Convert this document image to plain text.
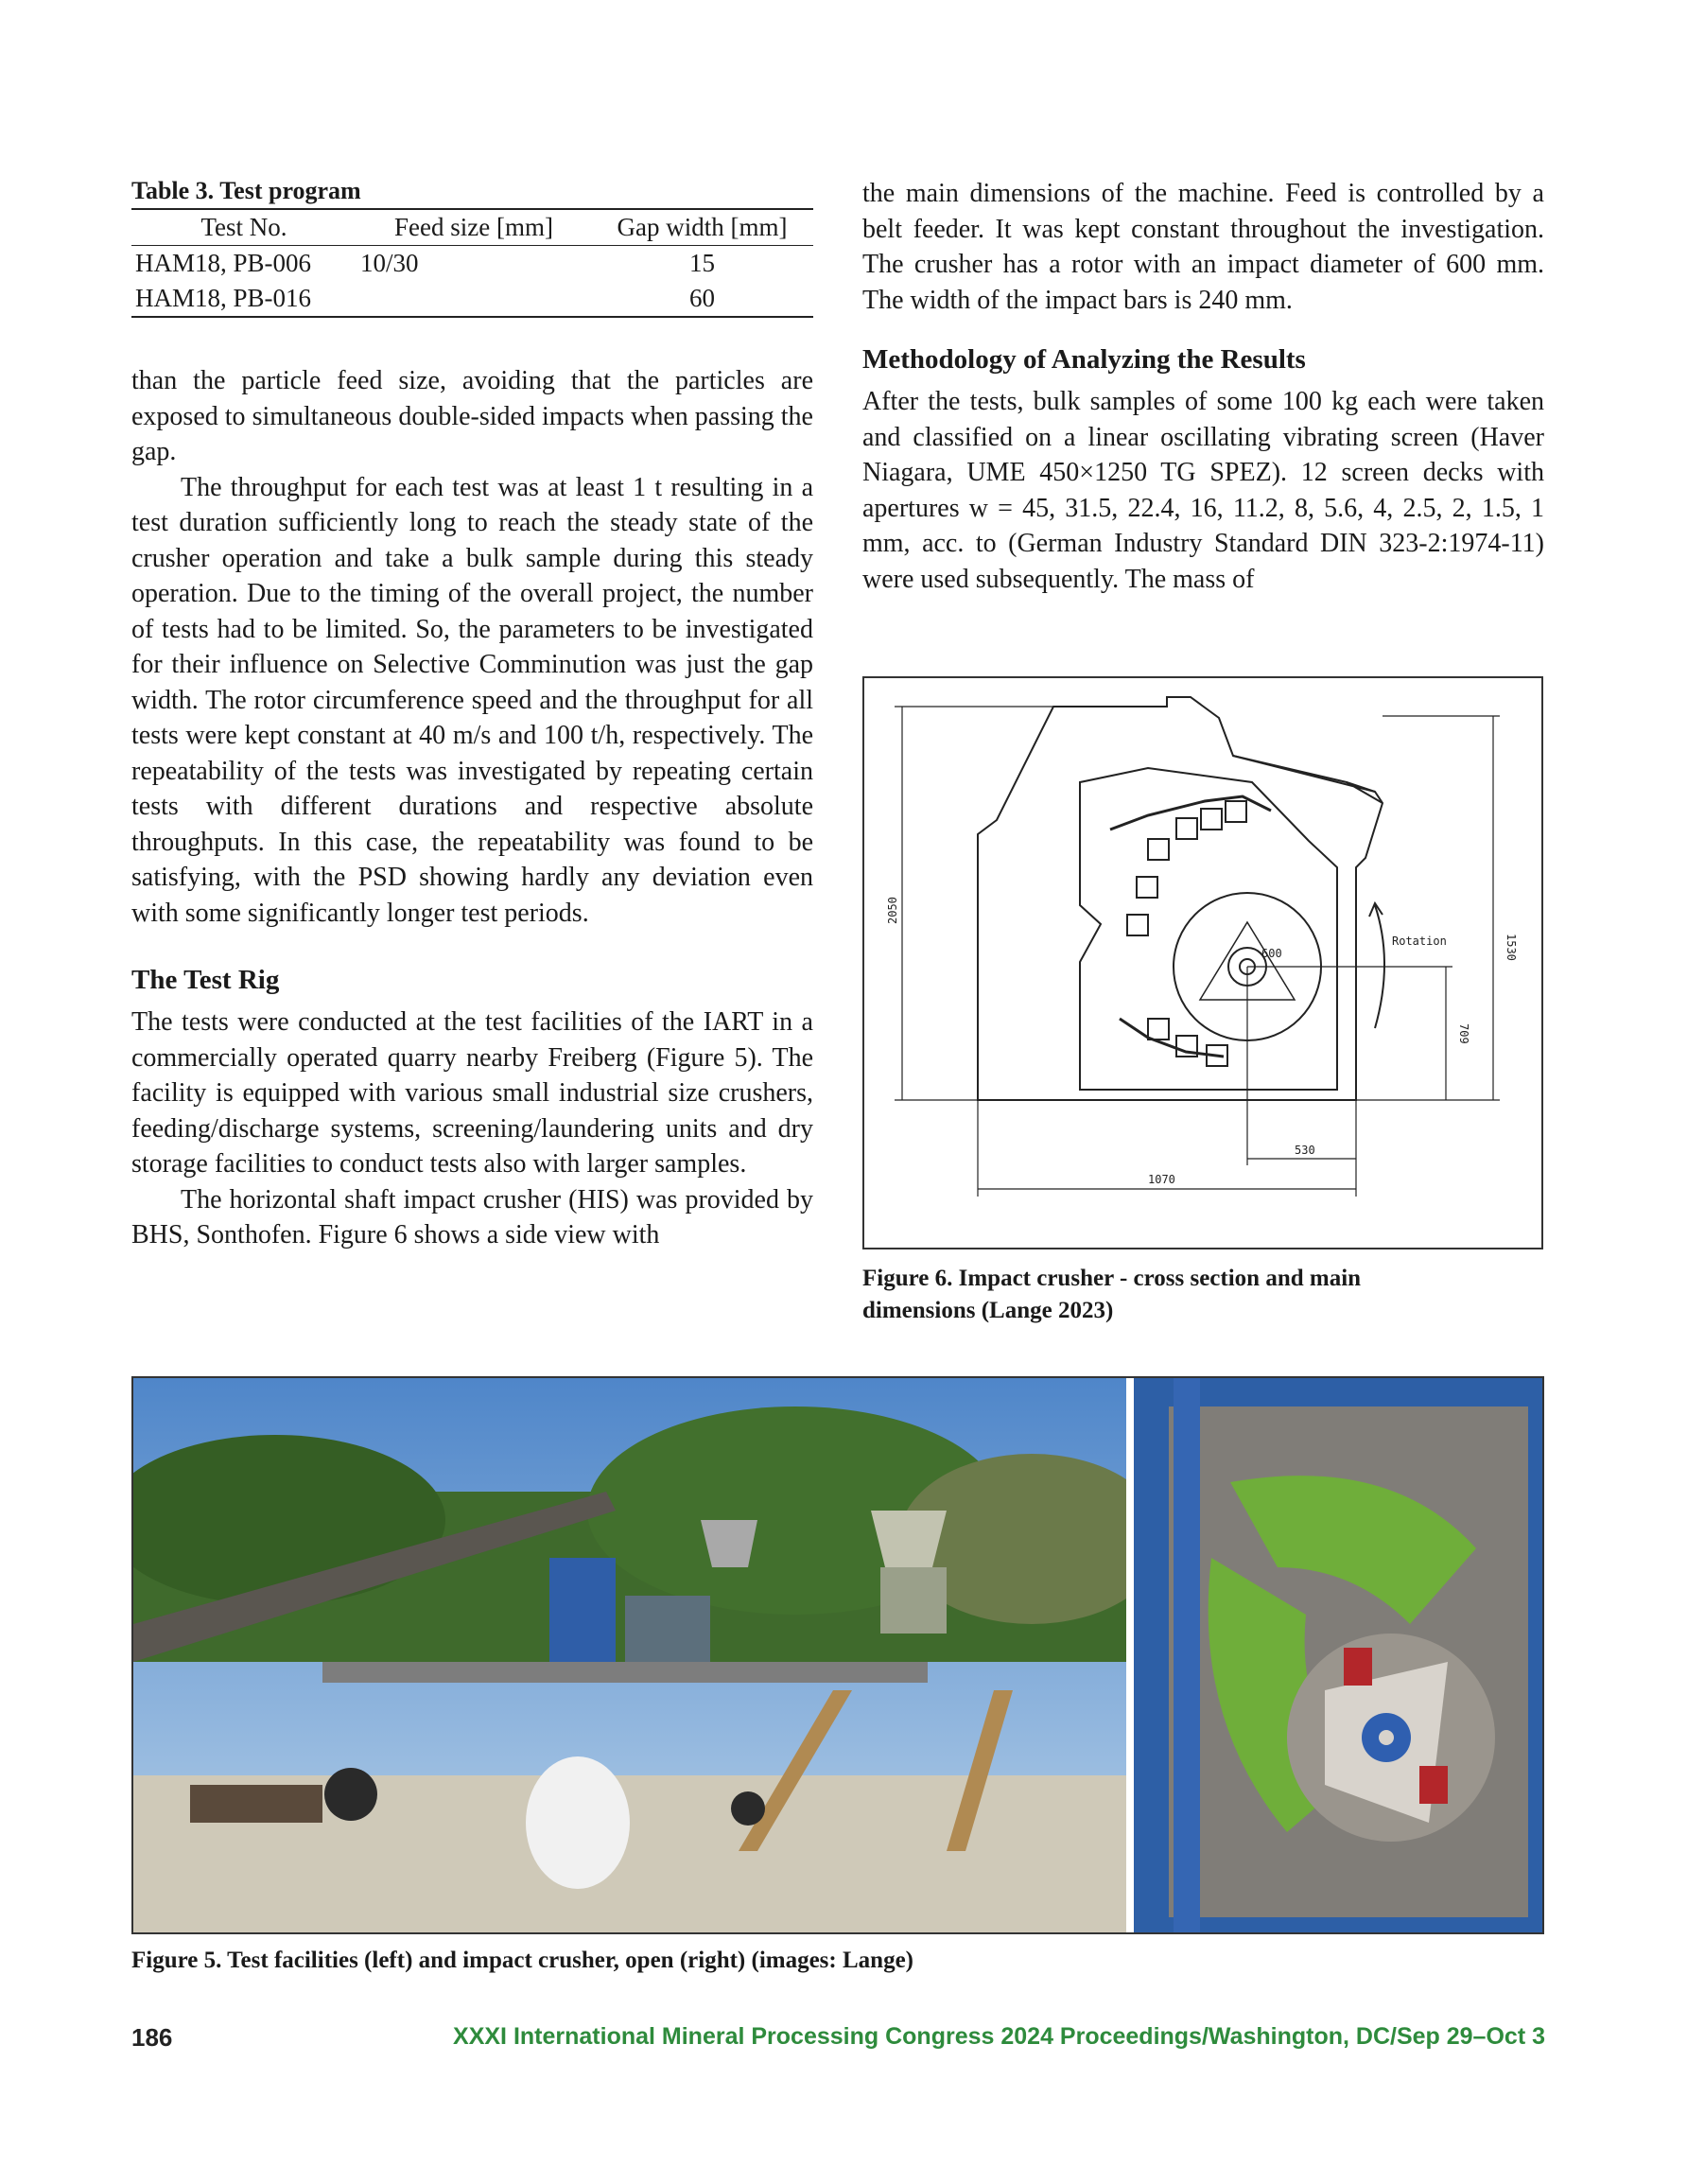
Table 3. Test program

Test No.	Feed size [mm]	Gap width [mm]
HAM18, PB-006	10/30	15
HAM18, PB-016		60

than the particle feed size, avoiding that the particles are exposed to simultaneous double-sided impacts when passing the gap.

The throughput for each test was at least 1 t resulting in a test duration sufficiently long to reach the steady state of the crusher operation and take a bulk sample during this steady operation. Due to the timing of the overall project, the number of tests had to be limited. So, the parameters to be investigated for their influence on Selective Comminution was just the gap width. The rotor circumference speed and the throughput for all tests were kept constant at 40 m/s and 100 t/h, respectively. The repeatability of the tests was investigated by repeating certain tests with different durations and respective absolute throughputs. In this case, the repeatability was found to be satisfying, with the PSD showing hardly any deviation even with some significantly longer test periods.

The Test Rig

The tests were conducted at the test facilities of the IART in a commercially operated quarry nearby Freiberg (Figure 5). The facility is equipped with various small industrial size crushers, feeding/discharge systems, screening/laundering units and dry storage facilities to conduct tests also with larger samples.

The horizontal shaft impact crusher (HIS) was provided by BHS, Sonthofen. Figure 6 shows a side view with

the main dimensions of the machine. Feed is controlled by a belt feeder. It was kept constant throughout the investigation. The crusher has a rotor with an impact diameter of 600 mm. The width of the impact bars is 240 mm.

Methodology of Analyzing the Results

After the tests, bulk samples of some 100 kg each were taken and classified on a linear oscillating vibrating screen (Haver Niagara, UME 450×1250 TG SPEZ). 12 screen decks with apertures w = 45, 31.5, 22.4, 16, 11.2, 8, 5.6, 4, 2.5, 2, 1.5, 1 mm, acc. to (German Industry Standard DIN 323-2:1974-11) were used subsequently. The mass of

Rotation
2050
1530
709
1070
530
600

Figure 6. Impact crusher - cross section and main dimensions (Lange 2023)

Figure 5. Test facilities (left) and impact crusher, open (right) (images: Lange)

186	XXXI International Mineral Processing Congress 2024 Proceedings/Washington, DC/Sep 29–Oct 3
